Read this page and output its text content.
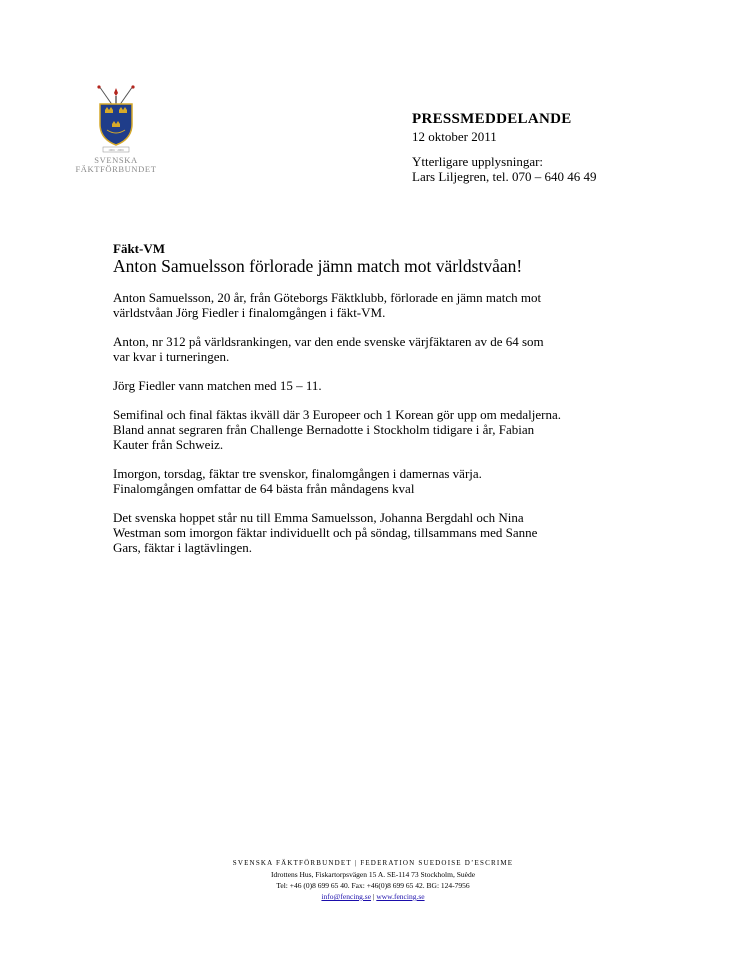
1906 · 2006
SVENSKA
FÄKTFÖRBUNDET
PRESSMEDDELANDE
12 oktober 2011
Ytterligare upplysningar:
Lars Liljegren, tel. 070 – 640 46 49
Fäkt-VM
Anton Samuelsson förlorade jämn match mot världstvåan!

Anton Samuelsson, 20 år, från Göteborgs Fäktklubb, förlorade en jämn match mot
världstvåan Jörg Fiedler i finalomgången i fäkt-VM.

Anton, nr 312 på världsrankingen, var den ende svenske värjfäktaren av de 64 som
var kvar i turneringen.

Jörg Fiedler vann matchen med 15 – 11.

Semifinal och final fäktas ikväll där 3 Europeer och 1 Korean gör upp om medaljerna.
Bland annat segraren från Challenge Bernadotte i Stockholm tidigare i år, Fabian
Kauter från Schweiz.

Imorgon, torsdag, fäktar tre svenskor, finalomgången i damernas värja.
Finalomgången omfattar de 64 bästa från måndagens kval

Det svenska hoppet står nu till Emma Samuelsson, Johanna Bergdahl och Nina
Westman som imorgon fäktar individuellt och på söndag, tillsammans med Sanne
Gars, fäktar i lagtävlingen.

SVENSKA FÄKTFÖRBUNDET | FEDERATION SUEDOISE D’ESCRIME
Idrottens Hus, Fiskartorpsvägen 15 A. SE-114 73 Stockholm, Suède
Tel: +46 (0)8 699 65 40. Fax: +46(0)8 699 65 42. BG: 124-7956
info@fencing.se | www.fencing.se
